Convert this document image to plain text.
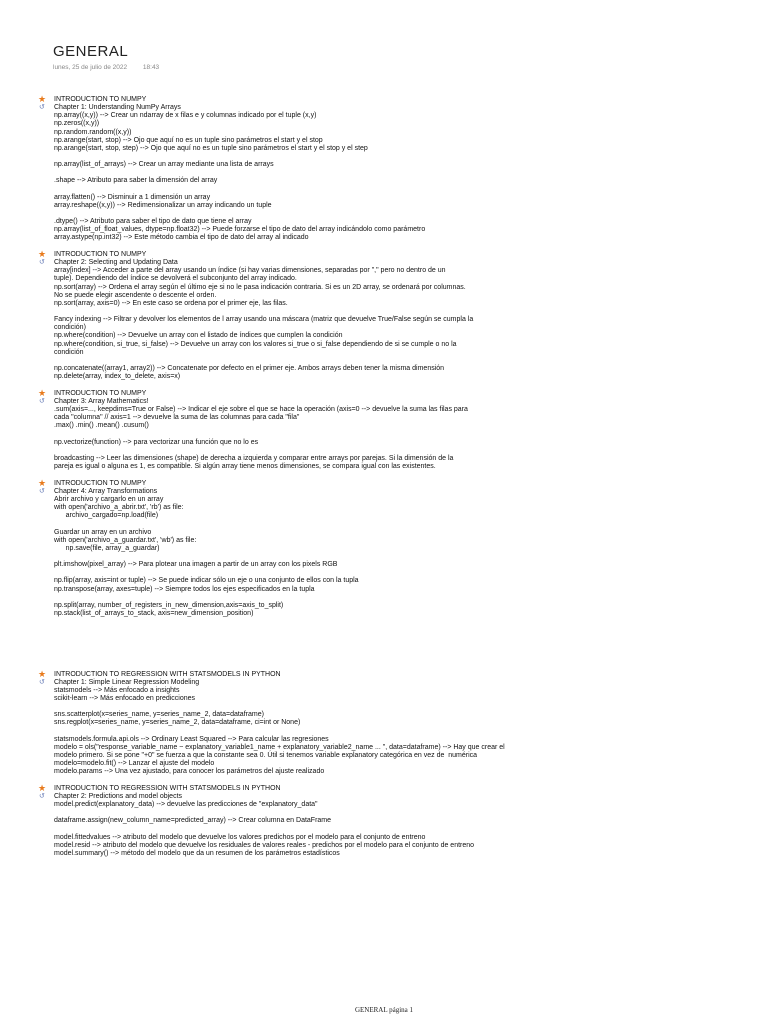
GENERAL
lunes, 25 de julio de 2022 18:43
★ INTRODUCTION TO NUMPY
↺ Chapter 1: Understanding NumPy Arrays
np.array((x,y)) --> Crear un ndarray de x filas e y columnas indicado por el tuple (x,y)
np.zeros((x,y))
np.random.random((x,y))
np.arange(start, stop) --> Ojo que aquí no es un tuple sino parámetros el start y el stop
np.arange(start, stop, step) --> Ojo que aquí no es un tuple sino parámetros el start y el stop y el step
np.array(list_of_arrays) --> Crear un array mediante una lista de arrays
.shape --> Atributo para saber la dimensión del array
array.flatten() --> Disminuir a 1 dimensión un array
array.reshape((x,y)) --> Redimensionalizar un array indicando un tuple
.dtype() --> Atributo para saber el tipo de dato que tiene el array
np.array(list_of_float_values, dtype=np.float32) --> Puede forzarse el tipo de dato del array indicándolo como parámetro
array.astype(np.int32) --> Este método cambia el tipo de dato del array al indicado
★ INTRODUCTION TO NUMPY
↺ Chapter 2: Selecting and Updating Data
array[index] --> Acceder a parte del array usando un índice (si hay varias dimensiones, separadas por "," pero no dentro de un
tuple). Dependiendo del índice se devolverá el subconjunto del array indicado.
np.sort(array) --> Ordena el array según el último eje si no le pasa indicación contraria. Si es un 2D array, se ordenará por columnas.
No se puede elegir ascendente o descente el orden.
np.sort(array, axis=0) --> En este caso se ordena por el primer eje, las filas.
Fancy indexing --> Filtrar y devolver los elementos de l array usando una máscara (matriz que devuelve True/False según se cumpla la
condición)
np.where(condition) --> Devuelve un array con el listado de índices que cumplen la condición
np.where(condition, si_true, si_false) --> Devuelve un array con los valores si_true o si_false dependiendo de si se cumple o no la
condición
np.concatenate((array1, array2)) --> Concatenate por defecto en el primer eje. Ambos arrays deben tener la misma dimensión
np.delete(array, index_to_delete, axis=x)
★ INTRODUCTION TO NUMPY
↺ Chapter 3: Array Mathematics!
.sum(axis=..., keepdims=True or False) --> Indicar el eje sobre el que se hace la operación (axis=0 --> devuelve la suma las filas para
cada "columna" // axis=1 --> devuelve la suma de las columnas para cada "fila"
.max() .min() .mean() .cusum()
np.vectorize(function) --> para vectorizar una función que no lo es
broadcasting --> Leer las dimensiones (shape) de derecha a izquierda y comparar entre arrays por parejas. Si la dimensión de la
pareja es igual o alguna es 1, es compatible. Si algún array tiene menos dimensiones, se compara igual con las existentes.
★ INTRODUCTION TO NUMPY
↺ Chapter 4: Array Transformations
Abrir archivo y cargarlo en un array
with open('archivo_a_abrir.txt', 'rb') as file:
archivo_cargado=np.load(file)
Guardar un array en un archivo
with open('archivo_a_guardar.txt', 'wb') as file:
np.save(file, array_a_guardar)
plt.imshow(pixel_array) --> Para plotear una imagen a partir de un array con los pixels RGB
np.flip(array, axis=int or tuple) --> Se puede indicar sólo un eje o una conjunto de ellos con la tupla
np.transpose(array, axes=tuple) --> Siempre todos los ejes especificados en la tupla
np.split(array, number_of_registers_in_new_dimension,axis=axis_to_split)
np.stack(list_of_arrays_to_stack, axis=new_dimension_position)
★ INTRODUCTION TO REGRESSION WITH STATSMODELS IN PYTHON
↺ Chapter 1: Simple Linear Regression Modeling
statsmodels --> Más enfocado a insights
scikit-learn --> Más enfocado en predicciones
sns.scatterplot(x=series_name, y=series_name_2, data=dataframe)
sns.regplot(x=series_name, y=series_name_2, data=dataframe, ci=int or None)
statsmodels.formula.api.ols --> Ordinary Least Squared --> Para calcular las regresiones
modelo = ols("response_variable_name ~ explanatory_variable1_name + explanatory_variable2_name ... ", data=dataframe) --> Hay que crear el
modelo primero. Si se pone "+0" se fuerza a que la constante sea 0. Útil si tenemos variable explanatory categórica en vez de  numérica
modelo=modelo.fit() --> Lanzar el ajuste del modelo
modelo.params --> Una vez ajustado, para conocer los parámetros del ajuste realizado
★ INTRODUCTION TO REGRESSION WITH STATSMODELS IN PYTHON
↺ Chapter 2: Predictions and model objects
model.predict(explanatory_data) --> devuelve las predicciones de "explanatory_data"
dataframe.assign(new_column_name=predicted_array) --> Crear columna en DataFrame
model.fittedvalues --> atributo del modelo que devuelve los valores predichos por el modelo para el conjunto de entreno
model.resid --> atributo del modelo que devuelve los residuales de valores reales - predichos por el modelo para el conjunto de entreno
model.summary() --> método del modelo que da un resumen de los parámetros estadísticos
GENERAL página 1
